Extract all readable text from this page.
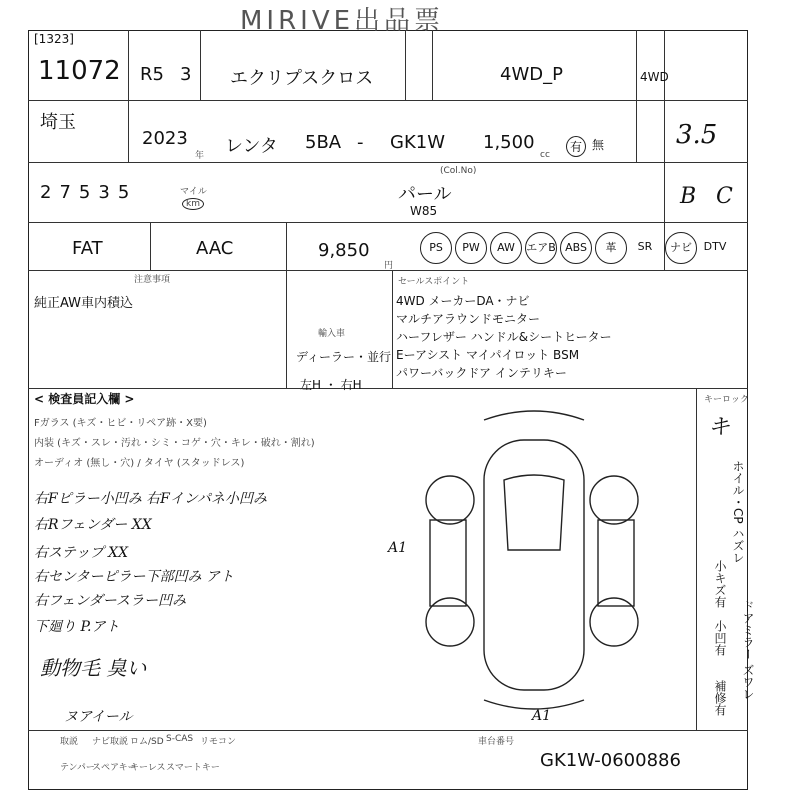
MIRIVE出品票
[1323]
11072 R5 3 エクリプスクロス	4WD_P	4WD
埼玉
2023
年 レンタ 5BA - GK1W 1,500
cc
有 無	3.5
27535	マイル
km
(Col.No)
パール
W85
B C
FAT	AAC	9,850
円
注意事項
純正AW車内積込
輸入車
ディーラー・並行
左H ・ 右H
セールスポイント
4WD メーカーDA・ナビ
マルチアラウンドモニター
ハーフレザー ハンドル&シートヒーター
Eーアシスト マイパイロット BSM
パワーバックドア インテリキー
< 検査員記入欄 >
Fガラス (キズ・ヒビ・リペア跡・X要)
内装 (キズ・スレ・汚れ・シミ・コゲ・穴・キレ・破れ・割れ)
オーディオ (無し・穴) / タイヤ (スタッドレス)
右Fピラー小凹み 右Fインパネ小凹み
右Rフェンダー XX
右ステップ XX
右センターピラー下部凹み アト
右フェンダースラー凹み
下廻り P.アト
動物毛 臭い
ヌアイール
A1
A1
キーロック
キ
ホイル・CP ハズレ
小キズ有
ドアミラー ズワレ
小凹有
補修有
取説 ナビ取説 ロム/SD S-CAS リモコン
テンパー
スペアキー
キーレス スマートキー
車台番号
GK1W-0600886
PS	PW	AW	エアB ABS	革	SR	ナビ	DTV
